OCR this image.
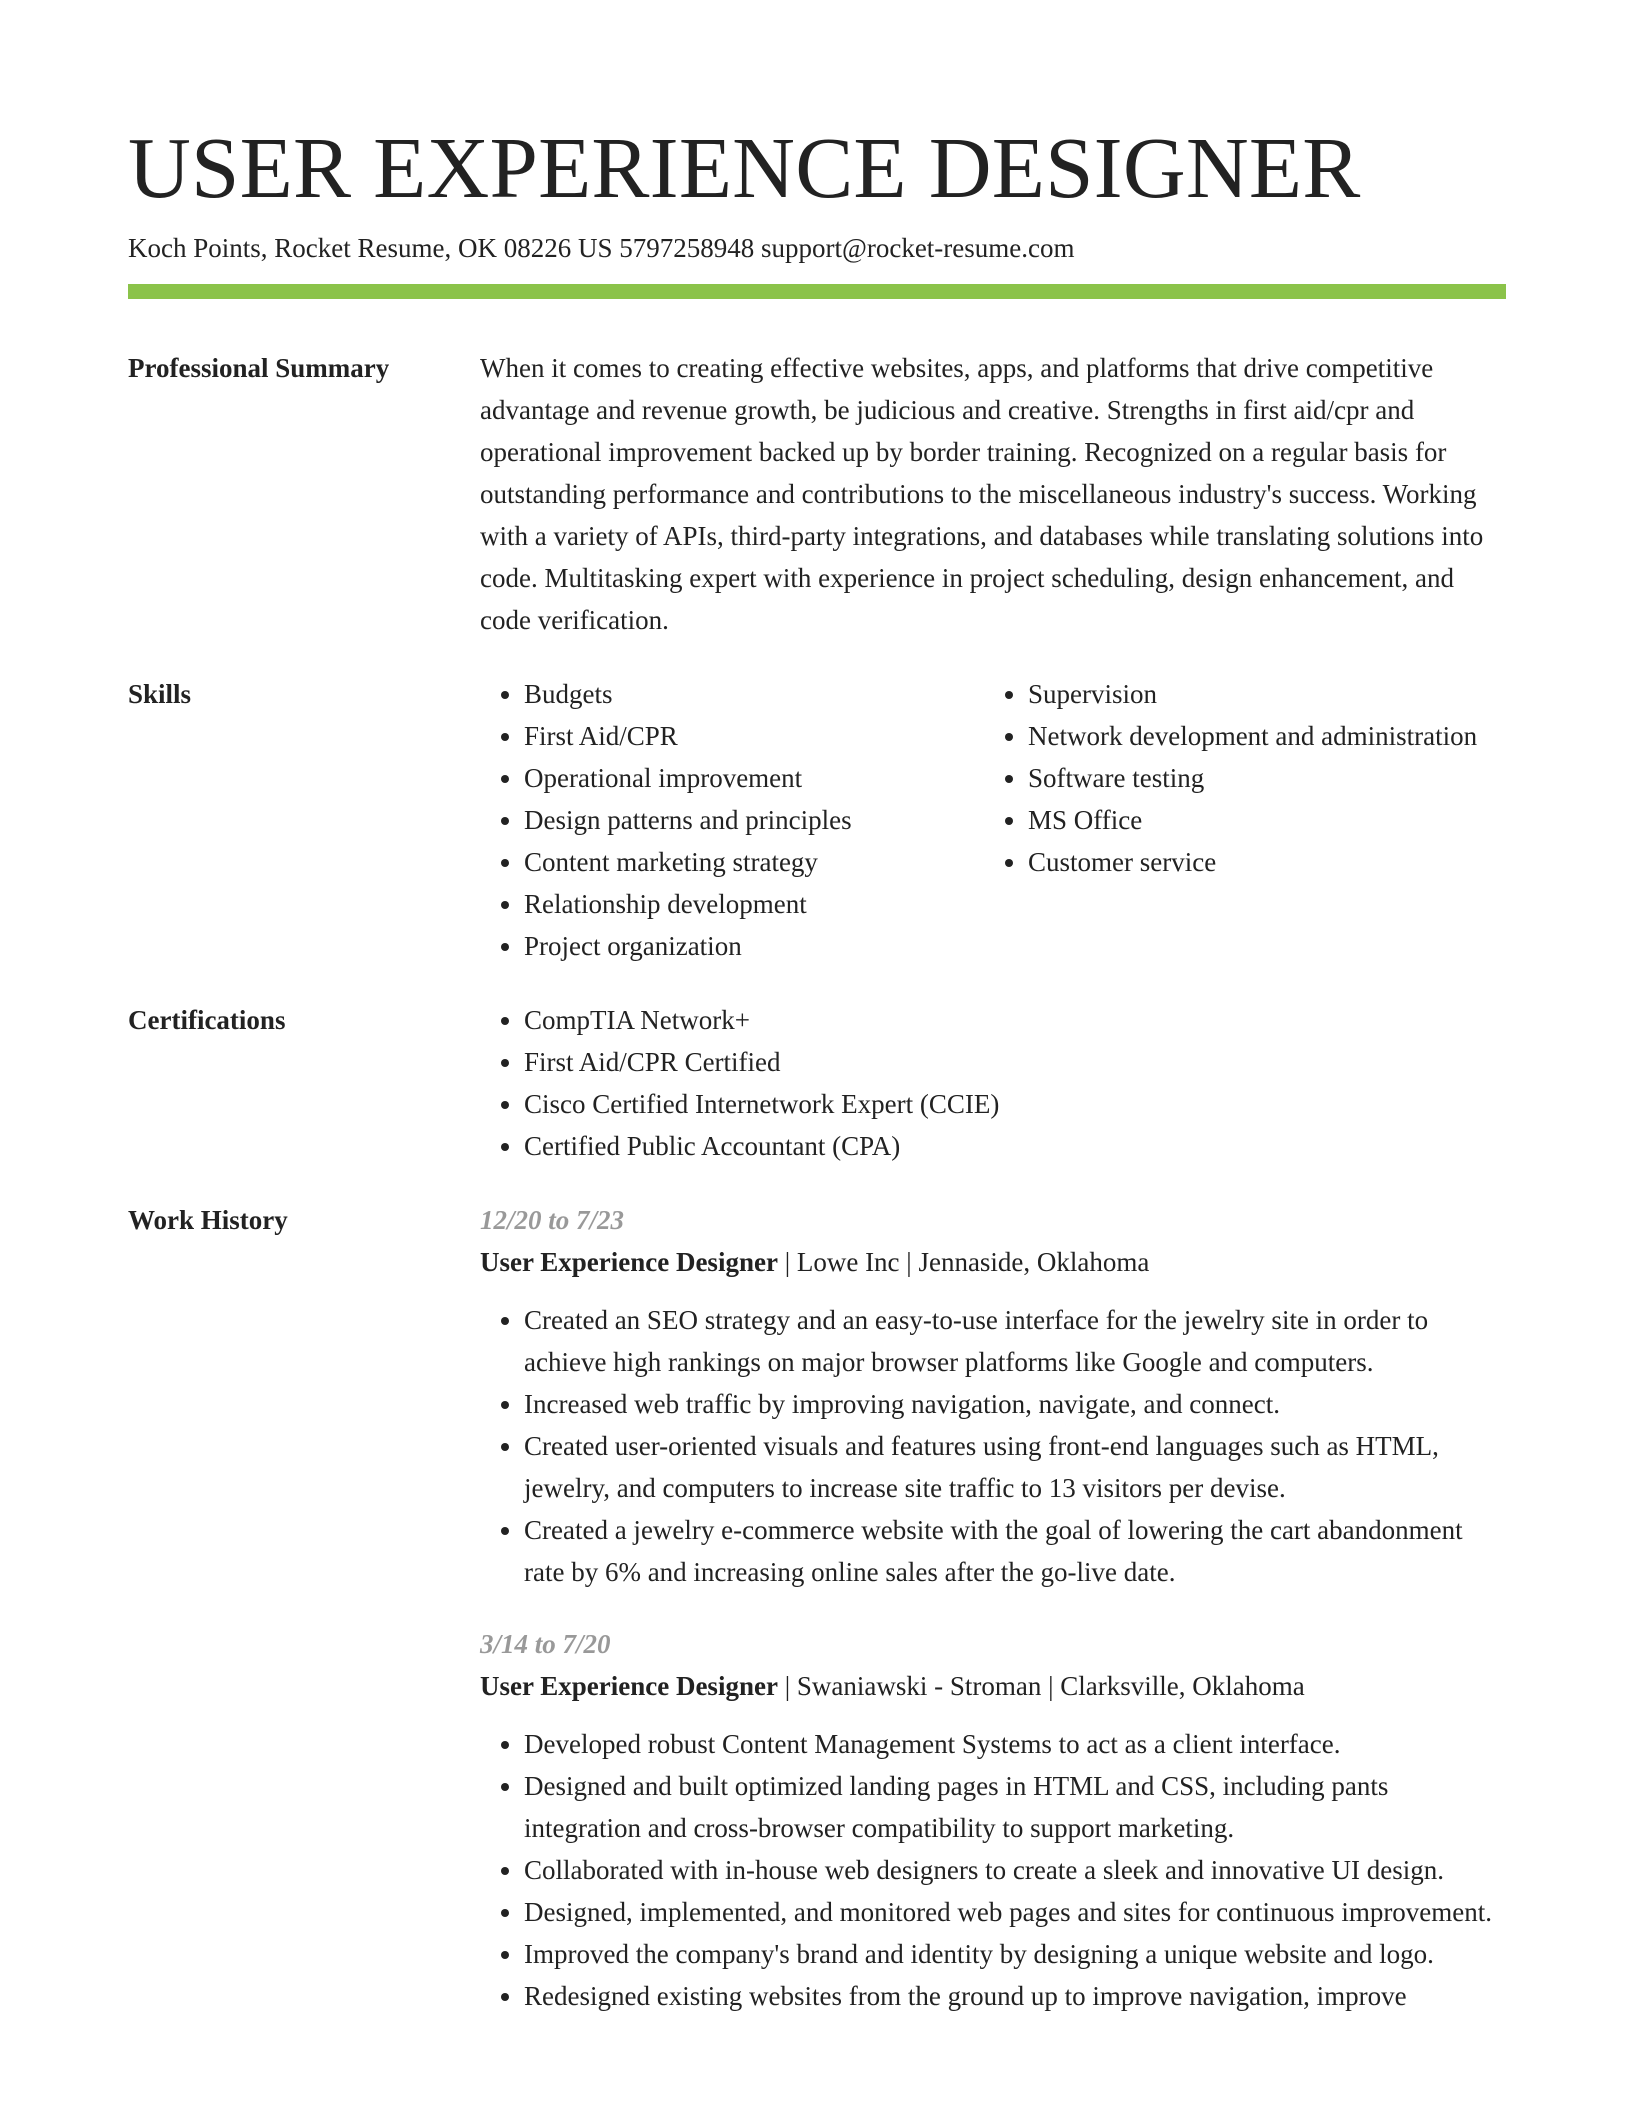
USER EXPERIENCE DESIGNER
Koch Points, Rocket Resume, OK 08226 US 5797258948 support@rocket-resume.com
Professional Summary	When it comes to creating effective websites, apps, and platforms that drive competitive advantage and revenue growth, be judicious and creative. Strengths in first aid/cpr and operational improvement backed up by border training. Recognized on a regular basis for outstanding performance and contributions to the miscellaneous industry's success. Working with a variety of APIs, third-party integrations, and databases while translating solutions into code. Multitasking expert with experience in project scheduling, design enhancement, and code verification.
Skills	• Budgets
• First Aid/CPR
• Operational improvement
• Design patterns and principles
• Content marketing strategy
• Relationship development
• Project organization
• Supervision
• Network development and administration
• Software testing
• MS Office
• Customer service
Certifications	• CompTIA Network+
• First Aid/CPR Certified
• Cisco Certified Internetwork Expert (CCIE)
• Certified Public Accountant (CPA)
Work History	12/20 to 7/23
User Experience Designer | Lowe Inc | Jennaside, Oklahoma
• Created an SEO strategy and an easy-to-use interface for the jewelry site in order to achieve high rankings on major browser platforms like Google and computers.
• Increased web traffic by improving navigation, navigate, and connect.
• Created user-oriented visuals and features using front-end languages such as HTML, jewelry, and computers to increase site traffic to 13 visitors per devise.
• Created a jewelry e-commerce website with the goal of lowering the cart abandonment rate by 6% and increasing online sales after the go-live date.
3/14 to 7/20
User Experience Designer | Swaniawski - Stroman | Clarksville, Oklahoma
• Developed robust Content Management Systems to act as a client interface.
• Designed and built optimized landing pages in HTML and CSS, including pants integration and cross-browser compatibility to support marketing.
• Collaborated with in-house web designers to create a sleek and innovative UI design.
• Designed, implemented, and monitored web pages and sites for continuous improvement.
• Improved the company's brand and identity by designing a unique website and logo.
• Redesigned existing websites from the ground up to improve navigation, improve
